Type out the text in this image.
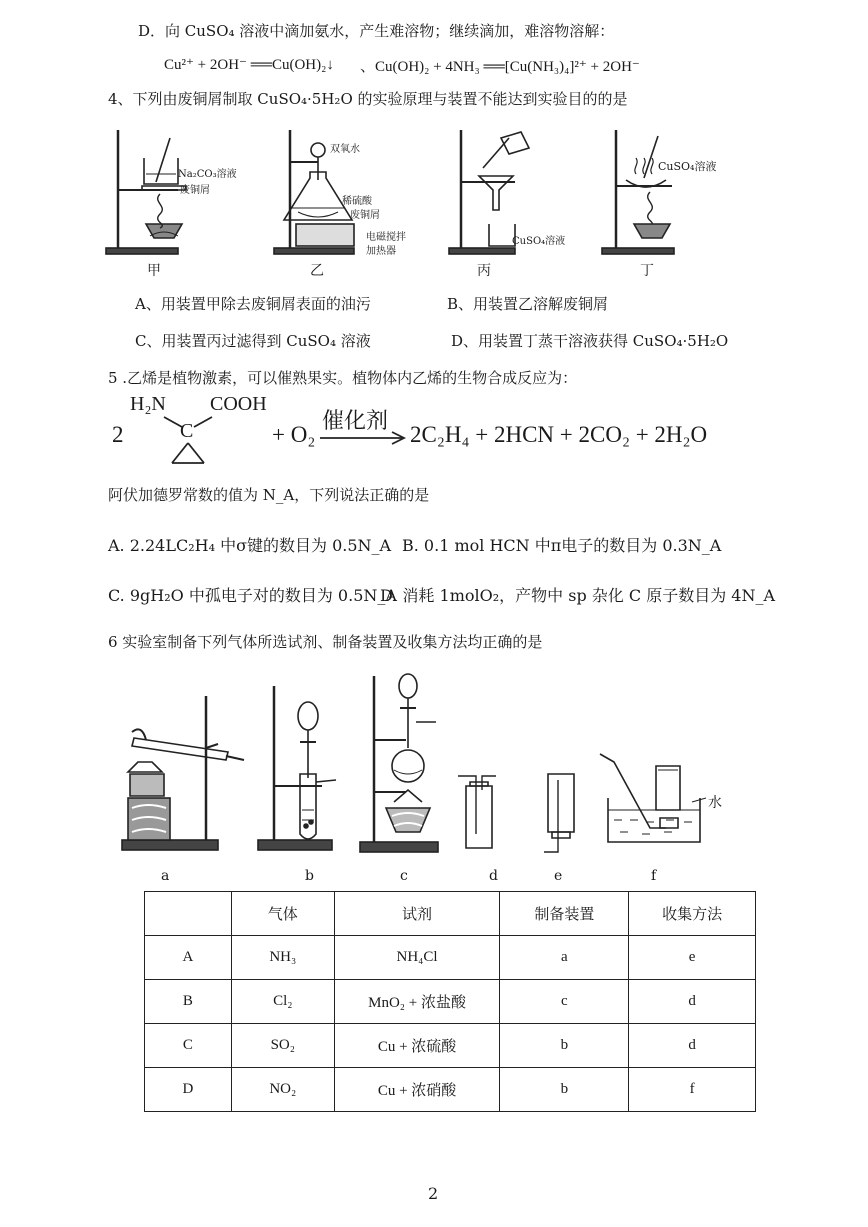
D．向 CuSO₄ 溶液中滴加氨水，产生难溶物；继续滴加，难溶物溶解：
Cu²⁺ + 2OH⁻ ══Cu(OH)₂↓ 、Cu(OH)₂ + 4NH₃ ══[Cu(NH₃)₄]²⁺ + 2OH⁻
4、下列由废铜屑制取 CuSO₄·5H₂O 的实验原理与装置不能达到实验目的的是
Na₂CO₃溶液
废铜屑
甲
双氧水
稀硫酸
废铜屑
电磁搅拌
加热器
乙
CuSO₄溶液
丙
CuSO₄溶液
丁
A、用装置甲除去废铜屑表面的油污	B、用装置乙溶解废铜屑
C、用装置丙过滤得到 CuSO₄ 溶液	D、用装置丁蒸干溶液获得 CuSO₄·5H₂O
5 .乙烯是植物激素，可以催熟果实。植物体内乙烯的生物合成反应为：
2
H₂N COOH
C	+ O₂
催化剂
2C₂H₄ + 2HCN + 2CO₂ + 2H₂O
阿伏加德罗常数的值为 N_A，下列说法正确的是
A. 2.24LC₂H₄ 中σ键的数目为 0.5N_A B. 0.1 mol HCN 中π电子的数目为 0.3N_A
C. 9gH₂O 中孤电子对的数目为 0.5N_A
D. 消耗 1molO₂，产物中 sp 杂化 C 原子数目为 4N_A
6 实验室制备下列气体所选试剂、制备装置及收集方法均正确的是
a	b	c	d	e
水
f
	气体	试剂	制备装置	收集方法
A	NH₃	NH₄Cl	a	e
B	Cl₂	MnO₂ + 浓盐酸	c	d
C	SO₂	Cu + 浓硫酸	b	d
D	NO₂	Cu + 浓硝酸	b	f
2
